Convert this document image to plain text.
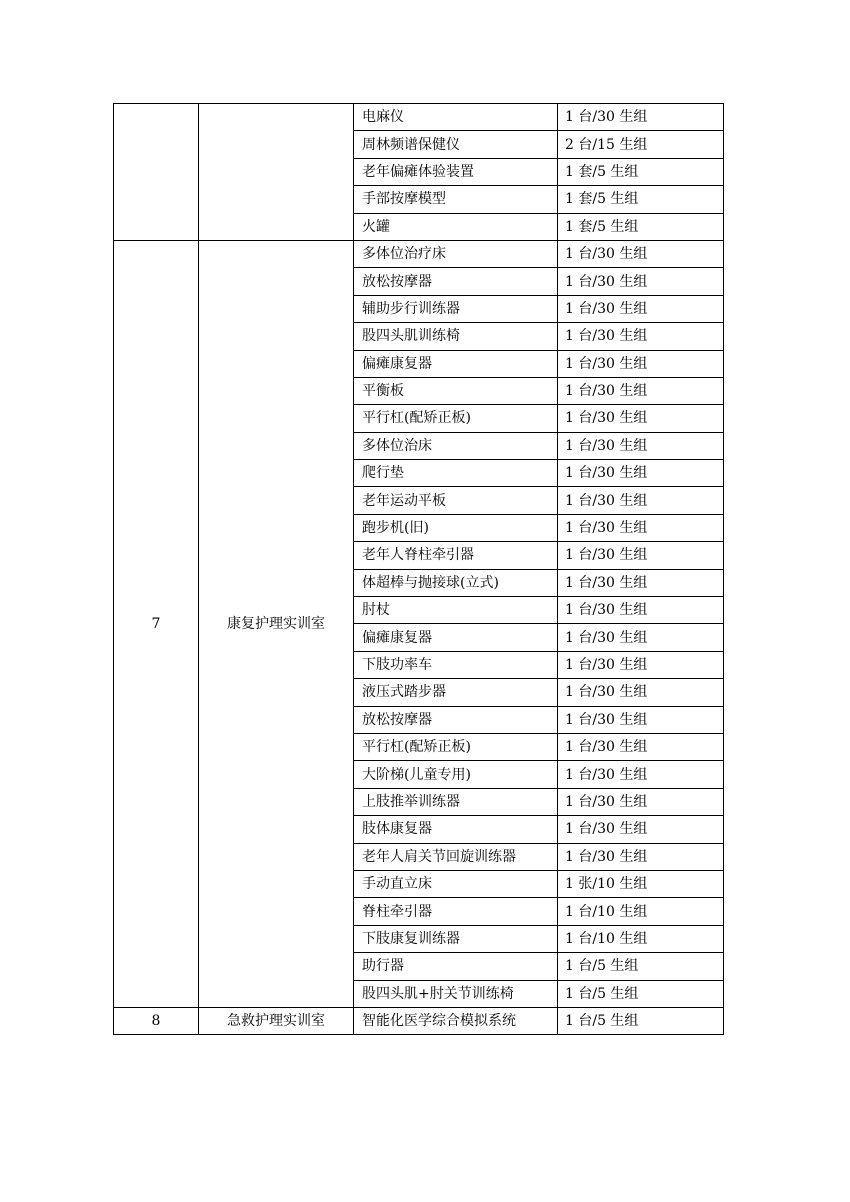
		电麻仪	1 台/30 生组
		周林频谱保健仪	2 台/15 生组
		老年偏瘫体验装置	1 套/5 生组
		手部按摩模型	1 套/5 生组
		火罐	1 套/5 生组
7	康复护理实训室	多体位治疗床	1 台/30 生组
		放松按摩器	1 台/30 生组
		辅助步行训练器	1 台/30 生组
		股四头肌训练椅	1 台/30 生组
		偏瘫康复器	1 台/30 生组
		平衡板	1 台/30 生组
		平行杠(配矫正板)	1 台/30 生组
		多体位治床	1 台/30 生组
		爬行垫	1 台/30 生组
		老年运动平板	1 台/30 生组
		跑步机(旧)	1 台/30 生组
		老年人脊柱牵引器	1 台/30 生组
		体超棒与抛接球(立式)	1 台/30 生组
		肘杖	1 台/30 生组
		偏瘫康复器	1 台/30 生组
		下肢功率车	1 台/30 生组
		液压式踏步器	1 台/30 生组
		放松按摩器	1 台/30 生组
		平行杠(配矫正板)	1 台/30 生组
		大阶梯(儿童专用)	1 台/30 生组
		上肢推举训练器	1 台/30 生组
		肢体康复器	1 台/30 生组
		老年人肩关节回旋训练器	1 台/30 生组
		手动直立床	1 张/10 生组
		脊柱牵引器	1 台/10 生组
		下肢康复训练器	1 台/10 生组
		助行器	1 台/5 生组
		股四头肌+肘关节训练椅	1 台/5 生组
8	急救护理实训室	智能化医学综合模拟系统	1 台/5 生组
